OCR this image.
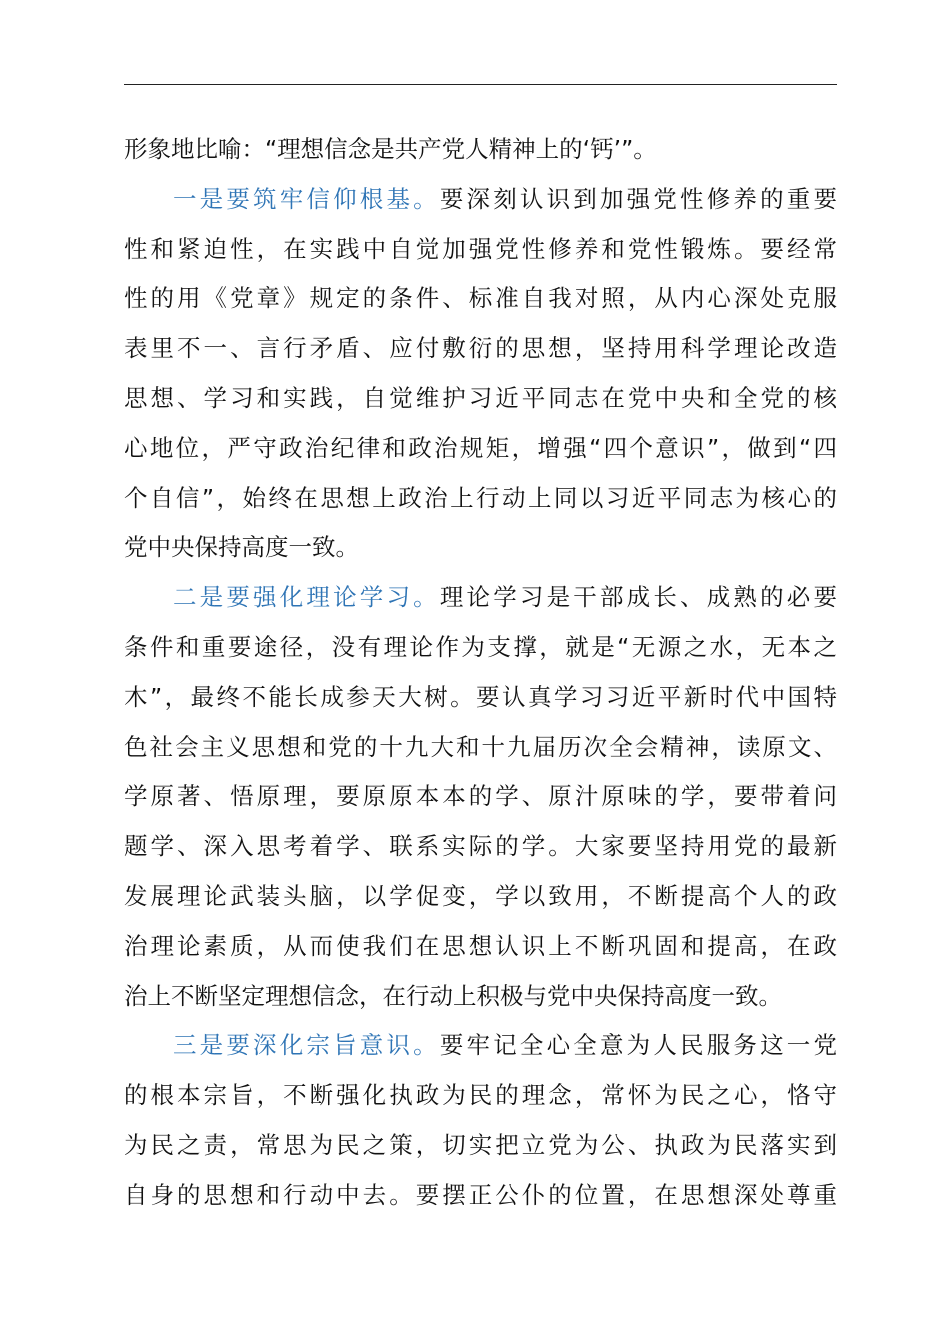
形象地比喻：“理想信念是共产党人精神上的‘钙’”。
一是要筑牢信仰根基。要深刻认识到加强党性修养的重要
性和紧迫性，在实践中自觉加强党性修养和党性锻炼。要经常
性的用《党章》规定的条件、标准自我对照，从内心深处克服
表里不一、言行矛盾、应付敷衍的思想，坚持用科学理论改造
思想、学习和实践，自觉维护习近平同志在党中央和全党的核
心地位，严守政治纪律和政治规矩，增强“四个意识”，做到“四
个自信”，始终在思想上政治上行动上同以习近平同志为核心的
党中央保持高度一致。
二是要强化理论学习。理论学习是干部成长、成熟的必要
条件和重要途径，没有理论作为支撑，就是“无源之水，无本之
木”，最终不能长成参天大树。要认真学习习近平新时代中国特
色社会主义思想和党的十九大和十九届历次全会精神，读原文、
学原著、悟原理，要原原本本的学、原汁原味的学，要带着问
题学、深入思考着学、联系实际的学。大家要坚持用党的最新
发展理论武装头脑，以学促变，学以致用，不断提高个人的政
治理论素质，从而使我们在思想认识上不断巩固和提高，在政
治上不断坚定理想信念，在行动上积极与党中央保持高度一致。
三是要深化宗旨意识。要牢记全心全意为人民服务这一党
的根本宗旨，不断强化执政为民的理念，常怀为民之心，恪守
为民之责，常思为民之策，切实把立党为公、执政为民落实到
自身的思想和行动中去。要摆正公仆的位置，在思想深处尊重
